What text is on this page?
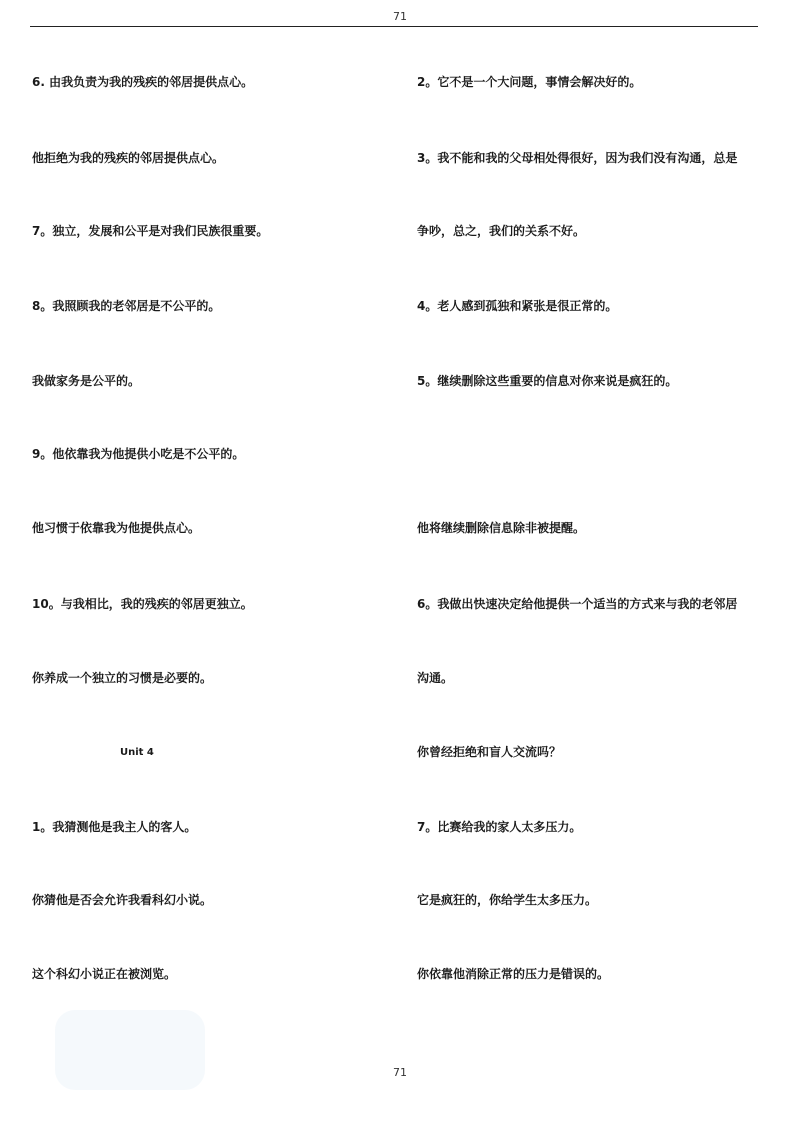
71
6. 由我负责为我的残疾的邻居提供点心。
他拒绝为我的残疾的邻居提供点心。
7。独立，发展和公平是对我们民族很重要。
8。我照顾我的老邻居是不公平的。
我做家务是公平的。
9。他依靠我为他提供小吃是不公平的。
他习惯于依靠我为他提供点心。
10。与我相比，我的残疾的邻居更独立。
你养成一个独立的习惯是必要的。
Unit 4
1。我猜测他是我主人的客人。
你猜他是否会允许我看科幻小说。
这个科幻小说正在被浏览。
2。它不是一个大问题，事情会解决好的。
3。我不能和我的父母相处得很好，因为我们没有沟通，总是
争吵，总之，我们的关系不好。
4。老人感到孤独和紧张是很正常的。
5。继续删除这些重要的信息对你来说是疯狂的。
他将继续删除信息除非被提醒。
6。我做出快速决定给他提供一个适当的方式来与我的老邻居
沟通。
你曾经拒绝和盲人交流吗？
7。比赛给我的家人太多压力。
它是疯狂的，你给学生太多压力。
你依靠他消除正常的压力是错误的。
71
